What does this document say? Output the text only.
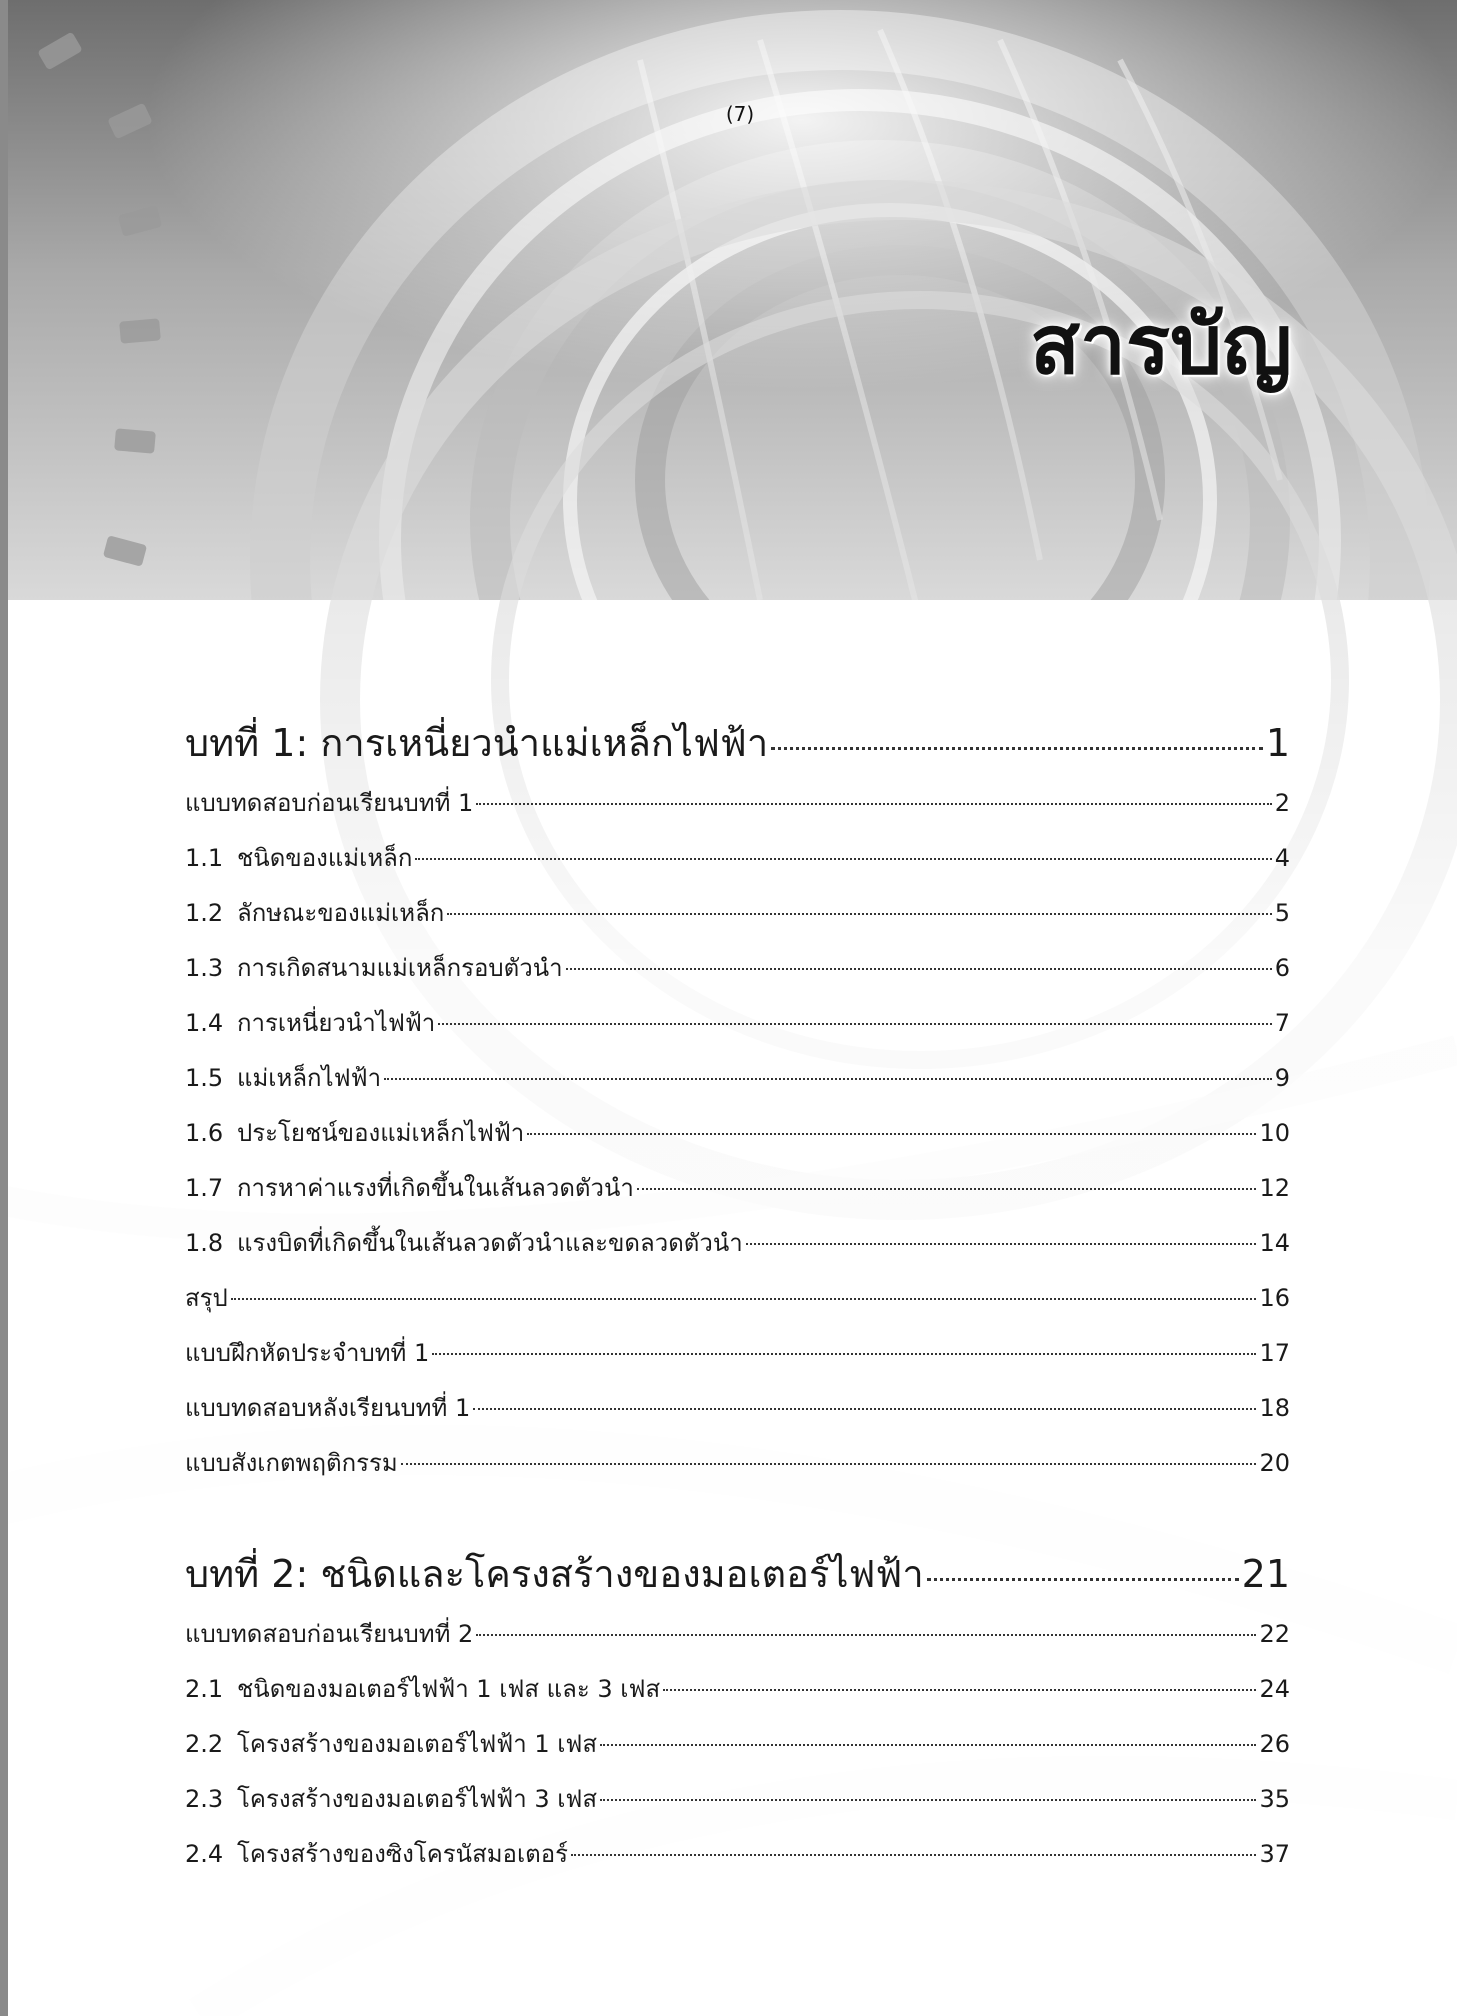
(7)
สารบัญ
บทที่ 1: การเหนี่ยวนำแม่เหล็กไฟฟ้า	1
แบบทดสอบก่อนเรียนบทที่ 1	2
1.1 ชนิดของแม่เหล็ก	4
1.2 ลักษณะของแม่เหล็ก	5
1.3 การเกิดสนามแม่เหล็กรอบตัวนำ	6
1.4 การเหนี่ยวนำไฟฟ้า	7
1.5 แม่เหล็กไฟฟ้า	9
1.6 ประโยชน์ของแม่เหล็กไฟฟ้า	10
1.7 การหาค่าแรงที่เกิดขึ้นในเส้นลวดตัวนำ	12
1.8 แรงบิดที่เกิดขึ้นในเส้นลวดตัวนำและขดลวดตัวนำ	14
สรุป	16
แบบฝึกหัดประจำบทที่ 1	17
แบบทดสอบหลังเรียนบทที่ 1	18
แบบสังเกตพฤติกรรม	20
บทที่ 2: ชนิดและโครงสร้างของมอเตอร์ไฟฟ้า	21
แบบทดสอบก่อนเรียนบทที่ 2	22
2.1 ชนิดของมอเตอร์ไฟฟ้า 1 เฟส และ 3 เฟส	24
2.2 โครงสร้างของมอเตอร์ไฟฟ้า 1 เฟส	26
2.3 โครงสร้างของมอเตอร์ไฟฟ้า 3 เฟส	35
2.4 โครงสร้างของซิงโครนัสมอเตอร์	37
